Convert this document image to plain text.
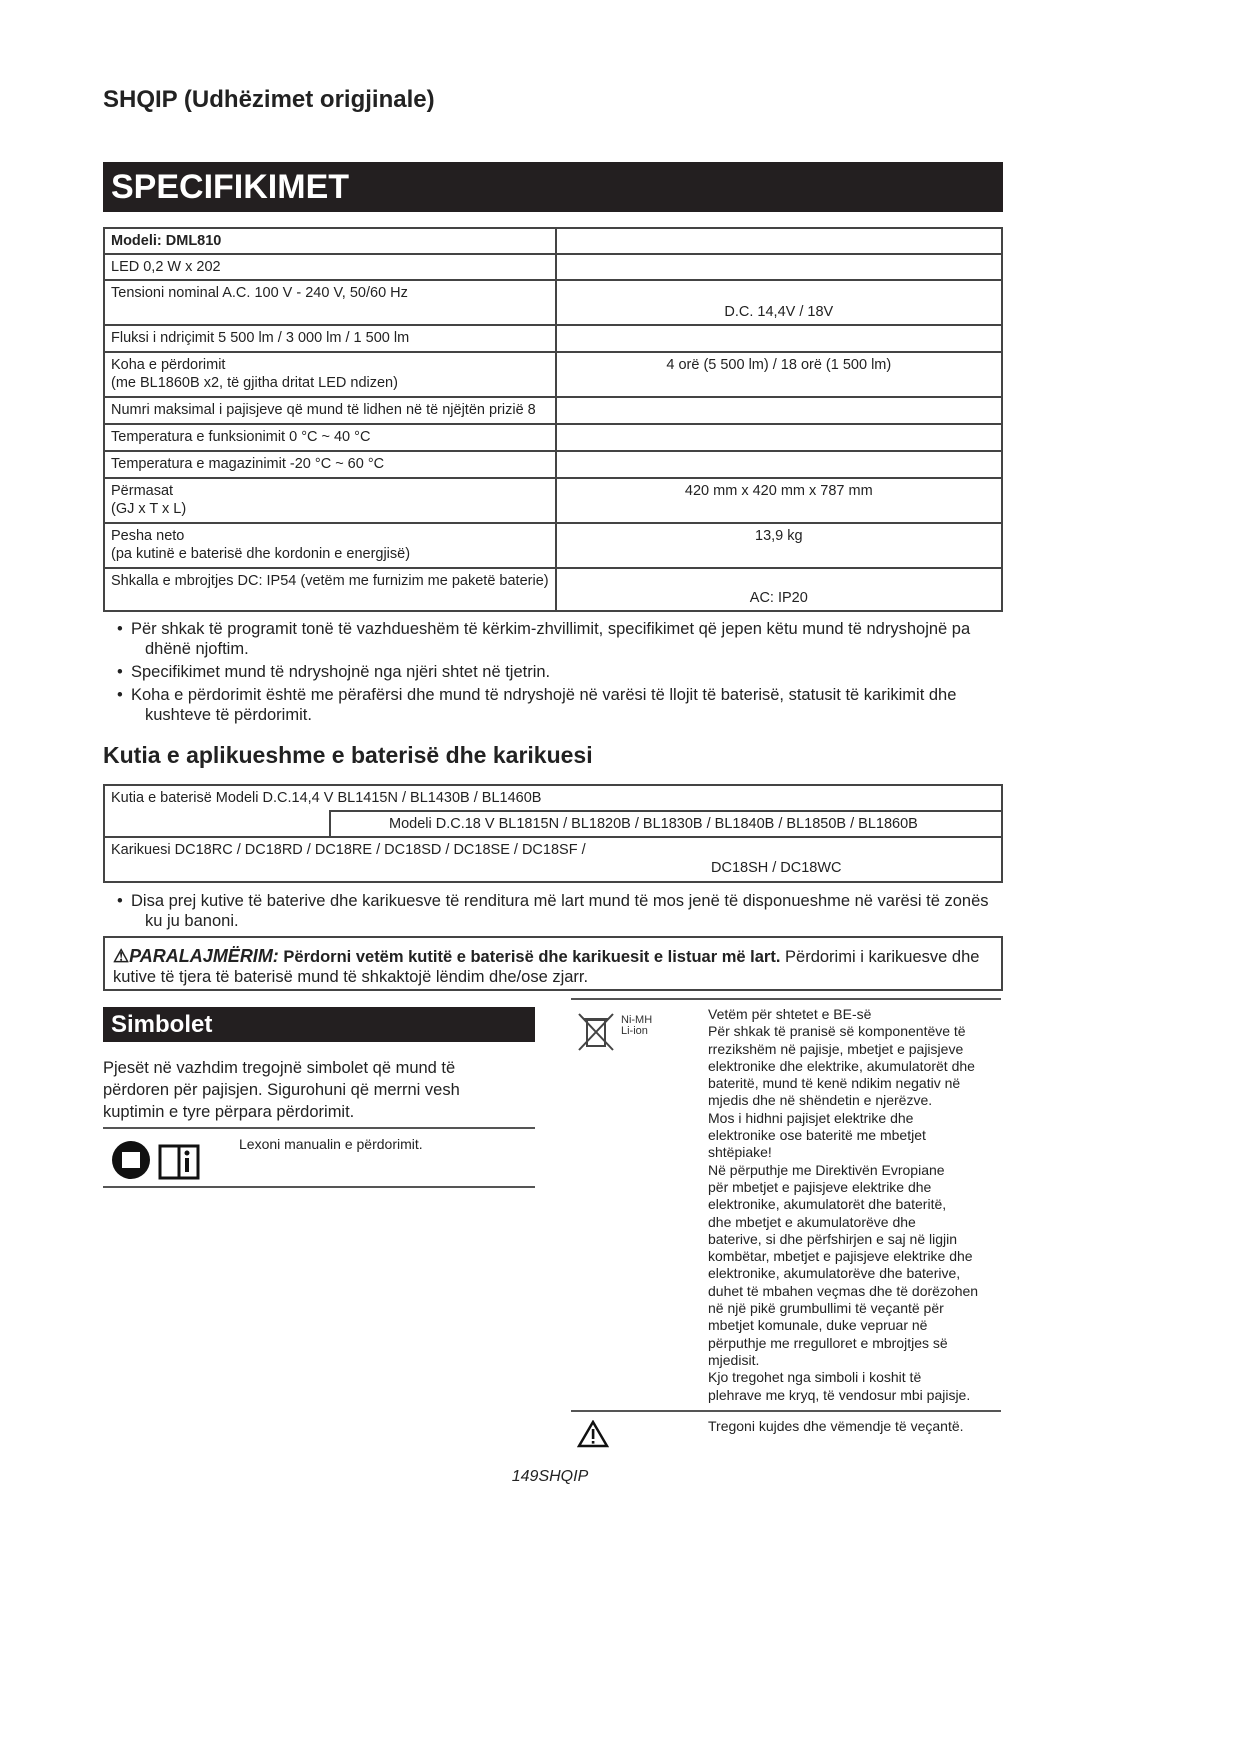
SHQIP (Udhëzimet origjinale)
SPECIFIKIMET
Modeli: DML810	

LED 0,2 W x 202	

Tensioni nominal A.C. 100 V - 240 V, 50/60 Hz	D.C. 14,4V / 18V

Fluksi i ndriçimit 5 500 lm / 3 000 lm / 1 500 lm	

Koha e përdorimit
(me BL1860B x2, të gjitha dritat LED ndizen)	4 orë (5 500 lm) / 18 orë (1 500 lm)

Numri maksimal i pajisjeve që mund të lidhen në të njëjtën prizië 8	

Temperatura e funksionimit 0 °C ~ 40 °C	

Temperatura e magazinimit -20 °C ~ 60 °C	

Përmasat
(GJ x T x L)	420 mm x 420 mm x 787 mm

Pesha neto
(pa kutinë e baterisë dhe kordonin e energjisë)	13,9 kg

Shkalla e mbrojtjes DC: IP54 (vetëm me furnizim me paketë baterie)	AC: IP20
• Për shkak të programit tonë të vazhdueshëm të kërkim-zhvillimit, specifikimet që jepen këtu mund të ndryshojnë pa dhënë njoftim.
• Specifikimet mund të ndryshojnë nga njëri shtet në tjetrin.
• Koha e përdorimit është me përafërsi dhe mund të ndryshojë në varësi të llojit të baterisë, statusit të karikimit dhe kushteve të përdorimit.
Kutia e aplikueshme e baterisë dhe karikuesi
Kutia e baterisë Modeli D.C.14,4 V BL1415N / BL1430B / BL1460B
	Modeli D.C.18 V BL1815N / BL1820B / BL1830B / BL1840B / BL1850B / BL1860B

Karikuesi DC18RC / DC18RD / DC18RE / DC18SD / DC18SE / DC18SF /
DC18SH / DC18WC
• Disa prej kutive të baterive dhe karikuesve të renditura më lart mund të mos jenë të disponueshme në varësi të zonës ku ju banoni.
⚠PARALAJMËRIM: Përdorni vetëm kutitë e baterisë dhe karikuesit e listuar më lart. Përdorimi i karikuesve dhe kutive të tjera të baterisë mund të shkaktojë lëndim dhe/ose zjarr.
Simbolet
Pjesët në vazhdim tregojnë simbolet që mund të përdoren për pajisjen. Sigurohuni që merrni vesh kuptimin e tyre përpara përdorimit.
Lexoni manualin e përdorimit.
Ni-MH
Li-ion
Vetëm për shtetet e BE-së
Për shkak të pranisë së komponentëve të
rrezikshëm në pajisje, mbetjet e pajisjeve
elektronike dhe elektrike, akumulatorët dhe
bateritë, mund të kenë ndikim negativ në
mjedis dhe në shëndetin e njerëzve.
Mos i hidhni pajisjet elektrike dhe
elektronike ose bateritë me mbetjet
shtëpiake!
Në përputhje me Direktivën Evropiane
për mbetjet e pajisjeve elektrike dhe
elektronike, akumulatorët dhe bateritë,
dhe mbetjet e akumulatorëve dhe
baterive, si dhe përfshirjen e saj në ligjin
kombëtar, mbetjet e pajisjeve elektrike dhe
elektronike, akumulatorëve dhe baterive,
duhet të mbahen veçmas dhe të dorëzohen
në një pikë grumbullimi të veçantë për
mbetjet komunale, duke vepruar në
përputhje me rregulloret e mbrojtjes së
mjedisit.
Kjo tregohet nga simboli i koshit të
plehrave me kryq, të vendosur mbi pajisje.
Tregoni kujdes dhe vëmendje të veçantë.
149SHQIP
